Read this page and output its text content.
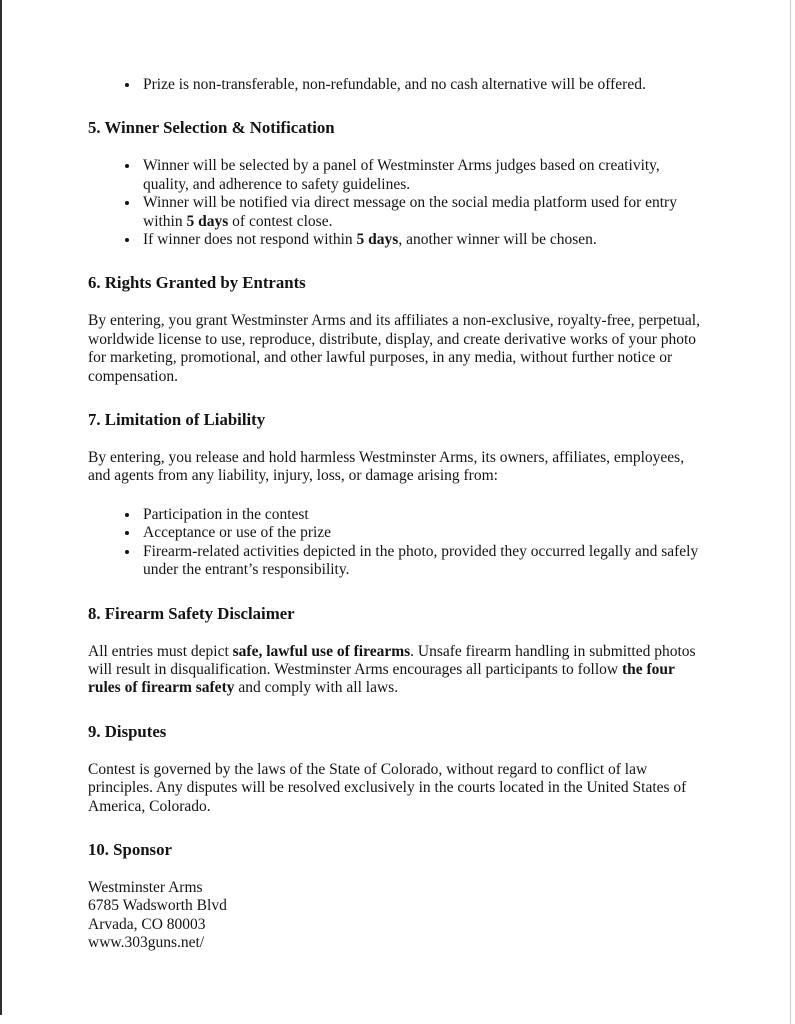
• Prize is non-transferable, non-refundable, and no cash alternative will be offered.
5. Winner Selection & Notification
• Winner will be selected by a panel of Westminster Arms judges based on creativity, quality, and adherence to safety guidelines.
• Winner will be notified via direct message on the social media platform used for entry within 5 days of contest close.
• If winner does not respond within 5 days, another winner will be chosen.
6. Rights Granted by Entrants

By entering, you grant Westminster Arms and its affiliates a non-exclusive, royalty-free, perpetual, worldwide license to use, reproduce, distribute, display, and create derivative works of your photo for marketing, promotional, and other lawful purposes, in any media, without further notice or compensation.

7. Limitation of Liability

By entering, you release and hold harmless Westminster Arms, its owners, affiliates, employees, and agents from any liability, injury, loss, or damage arising from:

• Participation in the contest
• Acceptance or use of the prize
• Firearm-related activities depicted in the photo, provided they occurred legally and safely under the entrant’s responsibility.
8. Firearm Safety Disclaimer

All entries must depict safe, lawful use of firearms. Unsafe firearm handling in submitted photos will result in disqualification. Westminster Arms encourages all participants to follow the four rules of firearm safety and comply with all laws.

9. Disputes

Contest is governed by the laws of the State of Colorado, without regard to conflict of law principles. Any disputes will be resolved exclusively in the courts located in the United States of America, Colorado.

10. Sponsor
Westminster Arms
6785 Wadsworth Blvd
Arvada, CO 80003
www.303guns.net/
